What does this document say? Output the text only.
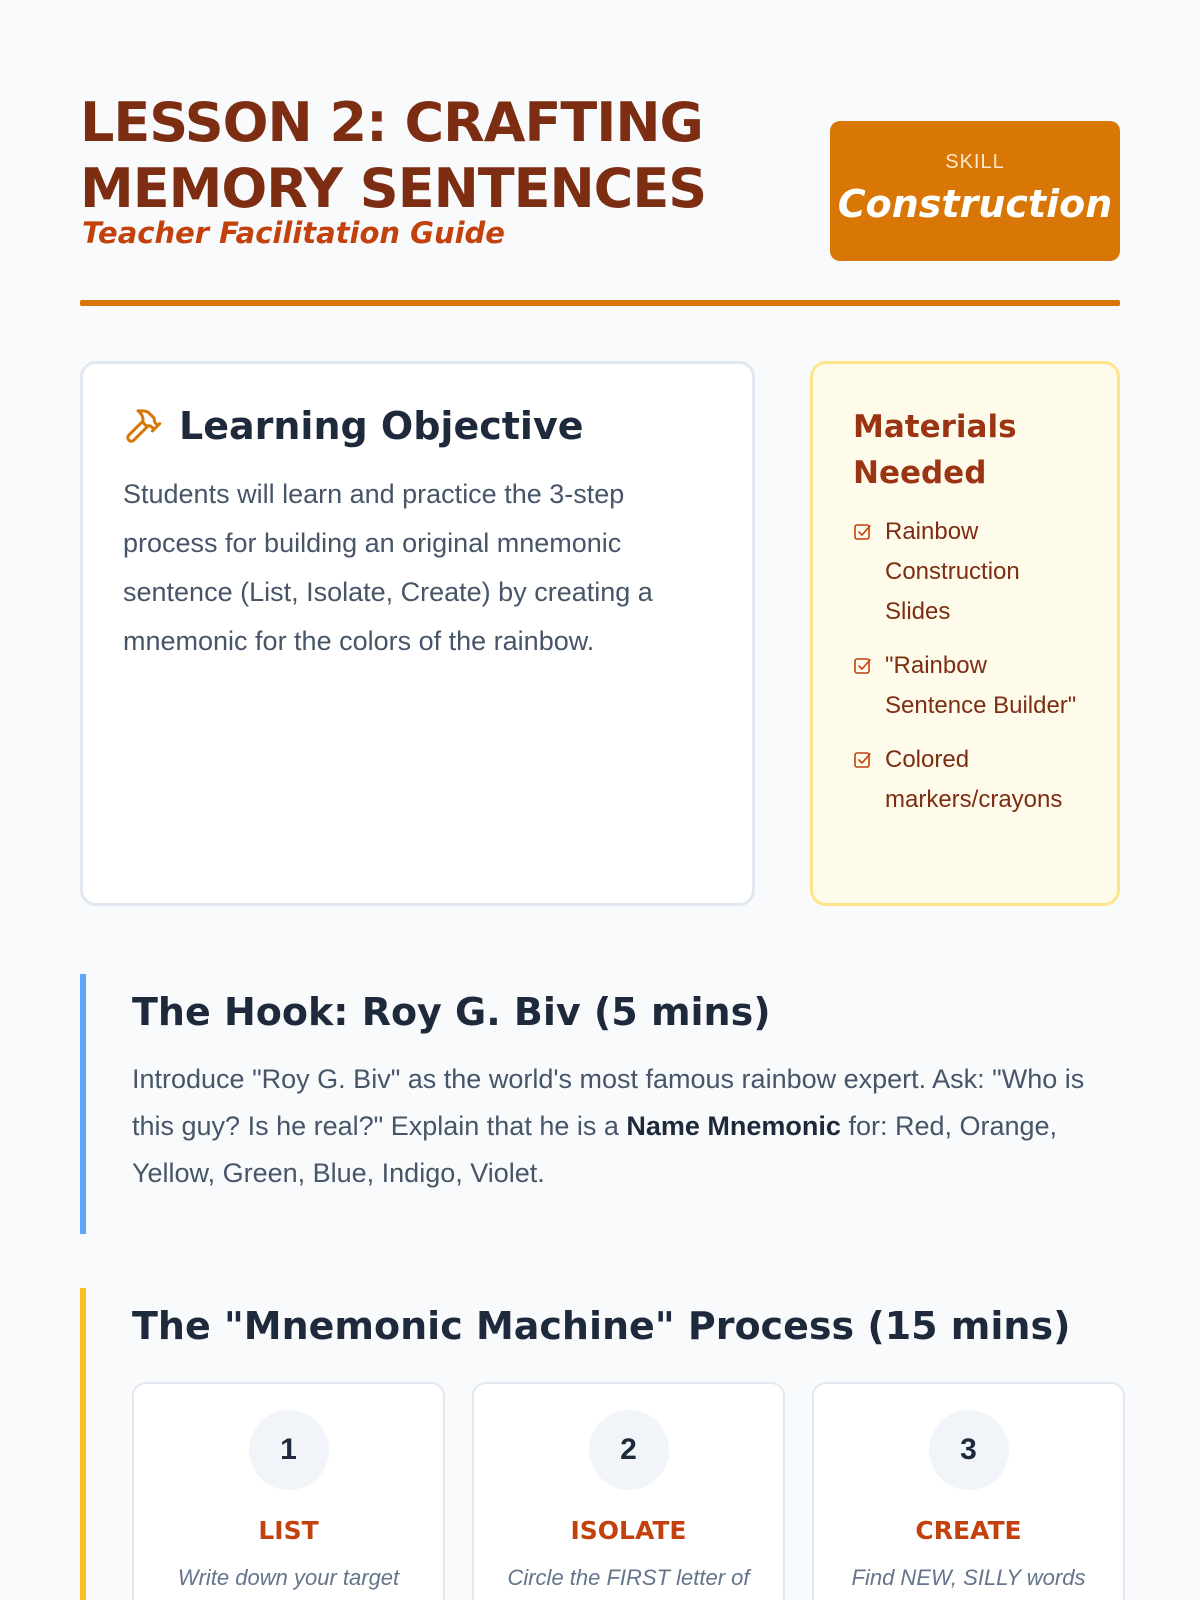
LESSON 2: CRAFTING MEMORY SENTENCES
Teacher Facilitation Guide
SKILL
Construction
Learning Objective

Students will learn and practice the 3-step process for building an original mnemonic sentence (List, Isolate, Create) by creating a mnemonic for the colors of the rainbow.

Materials Needed
Rainbow Construction Slides
"Rainbow Sentence Builder"
Colored markers/crayons
The Hook: Roy G. Biv (5 mins)

Introduce "Roy G. Biv" as the world's most famous rainbow expert. Ask: "Who is this guy? Is he real?" Explain that he is a Name Mnemonic for: Red, Orange, Yellow, Green, Blue, Indigo, Violet.

The "Mnemonic Machine" Process (15 mins)
1
LIST
Write down your target
2
ISOLATE
Circle the FIRST letter of
3
CREATE
Find NEW, SILLY words
